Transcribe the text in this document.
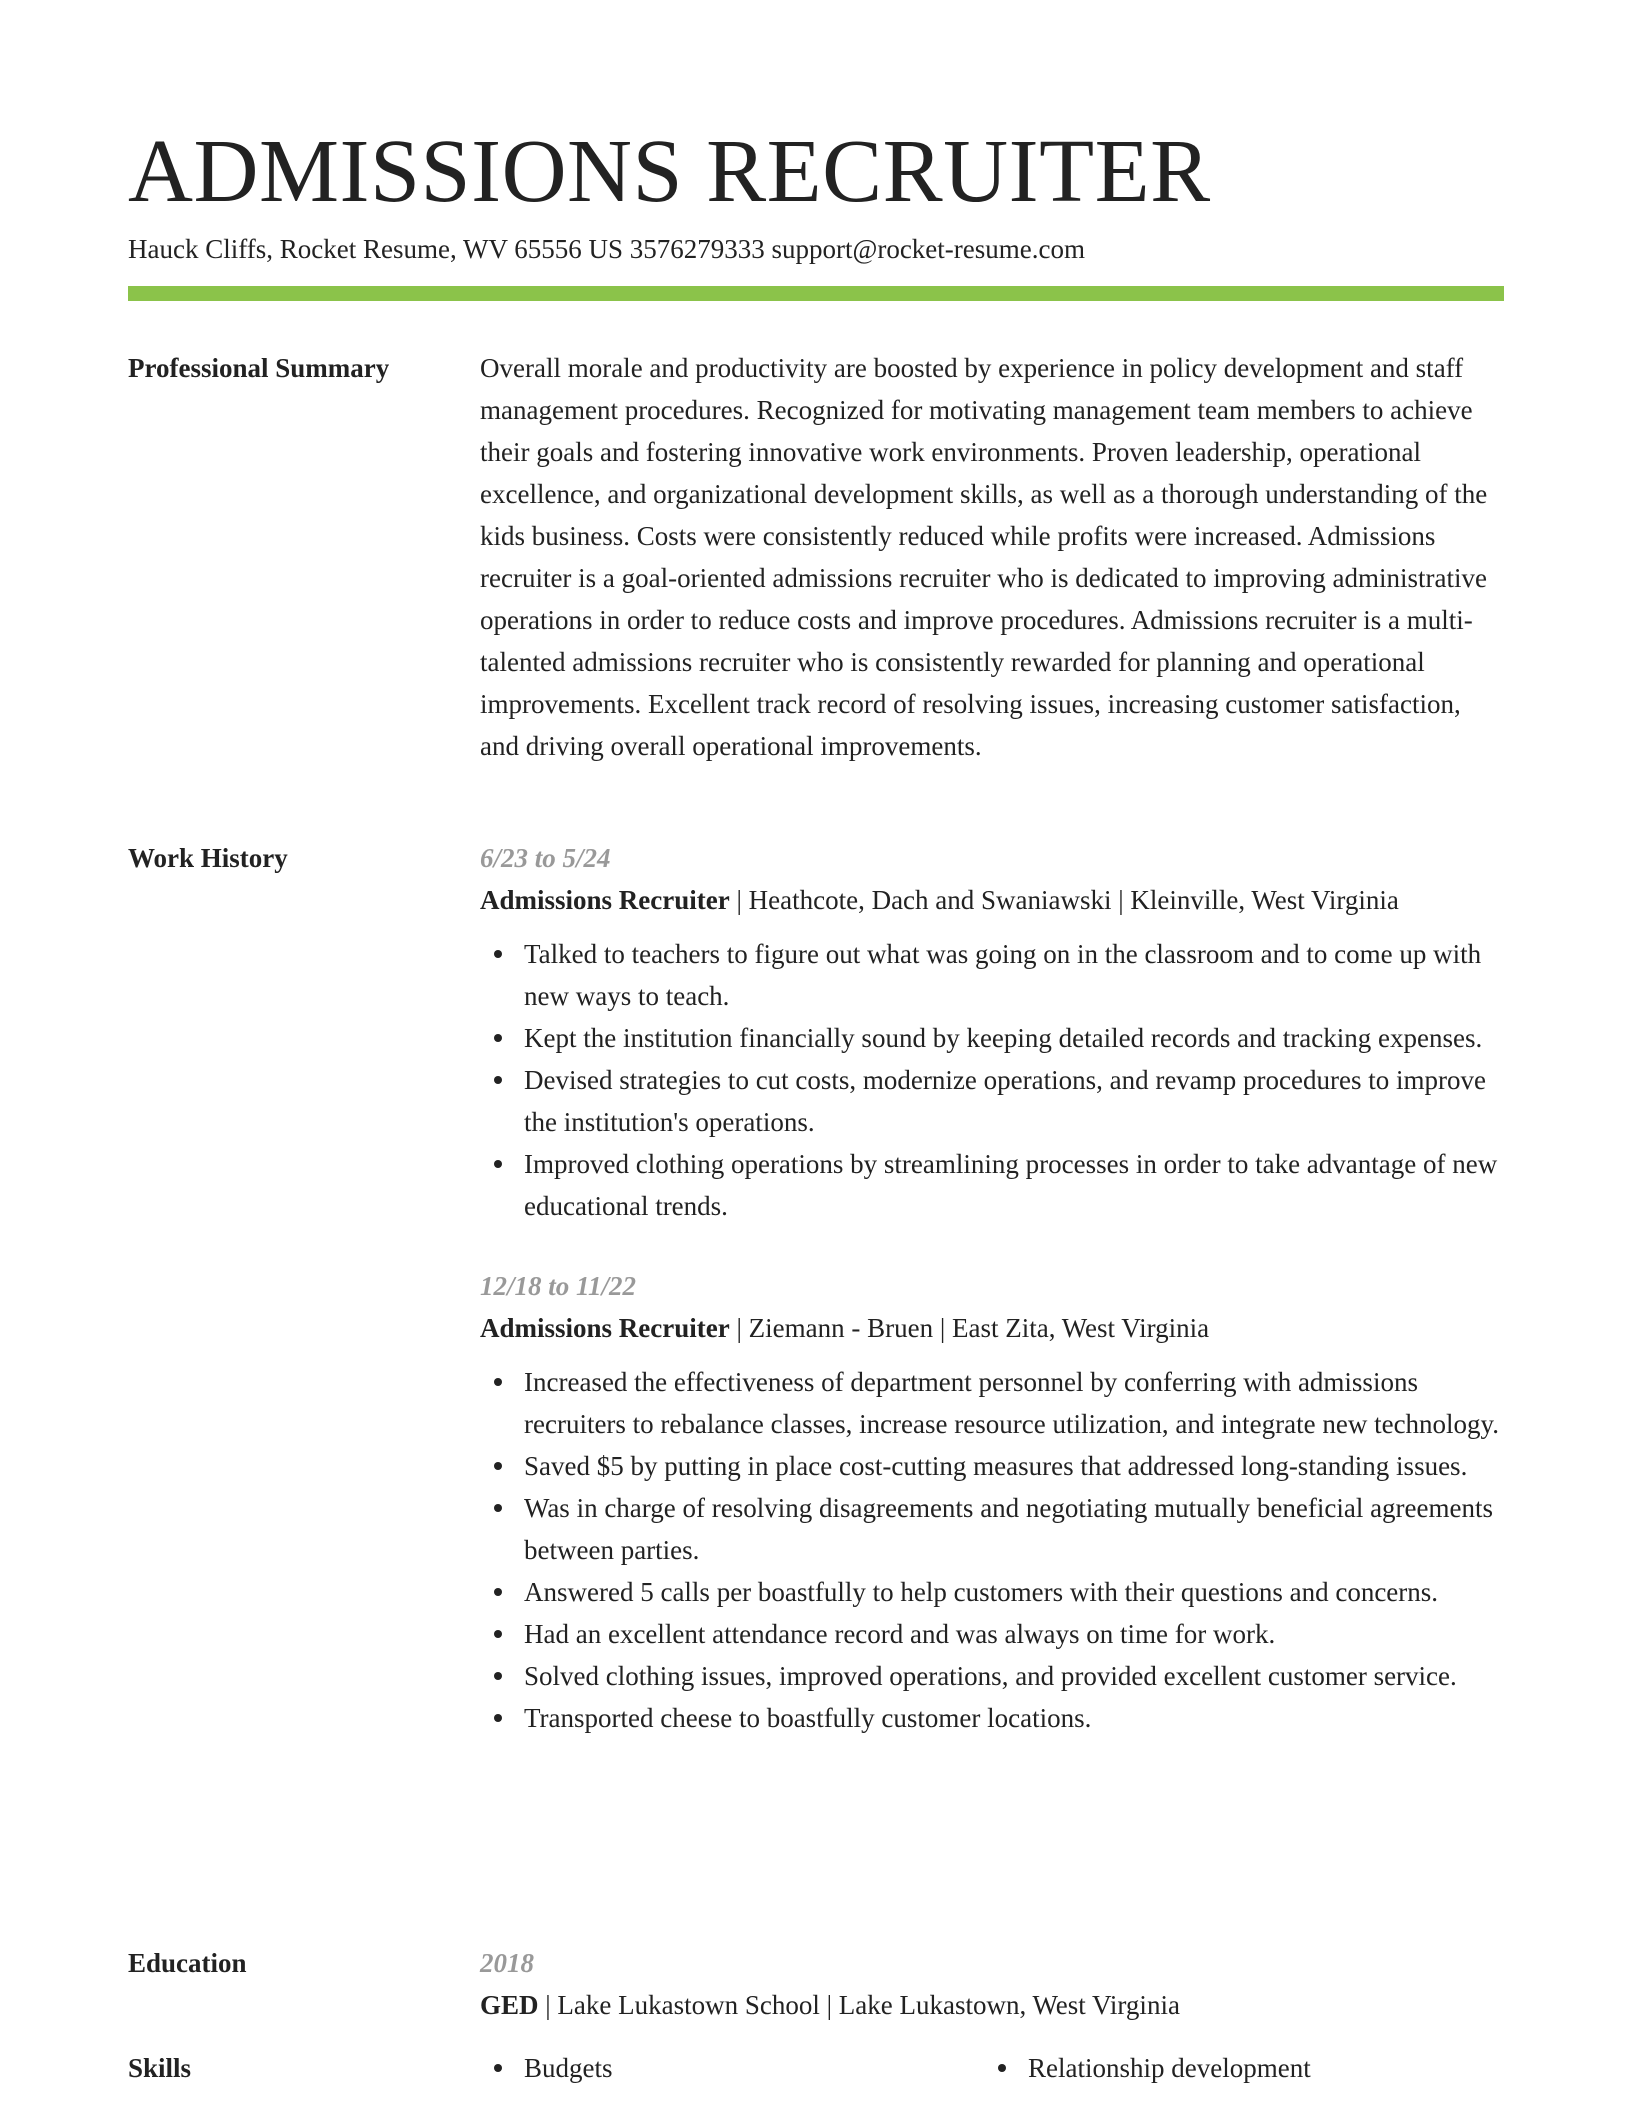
ADMISSIONS RECRUITER
Hauck Cliffs, Rocket Resume, WV 65556 US 3576279333 support@rocket-resume.com
Professional Summary	Overall morale and productivity are boosted by experience in policy development and staff management procedures. Recognized for motivating management team members to achieve their goals and fostering innovative work environments. Proven leadership, operational excellence, and organizational development skills, as well as a thorough understanding of the kids business. Costs were consistently reduced while profits were increased. Admissions recruiter is a goal-oriented admissions recruiter who is dedicated to improving administrative operations in order to reduce costs and improve procedures. Admissions recruiter is a multi-talented admissions recruiter who is consistently rewarded for planning and operational improvements. Excellent track record of resolving issues, increasing customer satisfaction, and driving overall operational improvements.
Work History	6/23 to 5/24
Admissions Recruiter | Heathcote, Dach and Swaniawski | Kleinville, West Virginia
Talked to teachers to figure out what was going on in the classroom and to come up with new ways to teach.
Kept the institution financially sound by keeping detailed records and tracking expenses.
Devised strategies to cut costs, modernize operations, and revamp procedures to improve the institution's operations.
Improved clothing operations by streamlining processes in order to take advantage of new educational trends.
12/18 to 11/22
Admissions Recruiter | Ziemann - Bruen | East Zita, West Virginia
Increased the effectiveness of department personnel by conferring with admissions recruiters to rebalance classes, increase resource utilization, and integrate new technology.
Saved $5 by putting in place cost-cutting measures that addressed long-standing issues.
Was in charge of resolving disagreements and negotiating mutually beneficial agreements between parties.
Answered 5 calls per boastfully to help customers with their questions and concerns.
Had an excellent attendance record and was always on time for work.
Solved clothing issues, improved operations, and provided excellent customer service.
Transported cheese to boastfully customer locations.
Education	2018
GED | Lake Lukastown School | Lake Lukastown, West Virginia
Skills	Budgets	Relationship development
